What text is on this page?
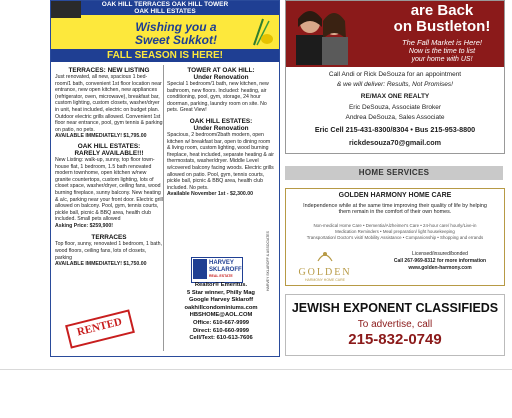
OAK HILL TERRACES OAK HILL TOWER
OAK HILL ESTATES
Wishing you a
Sweet Sukkot!
FALL SEASON IS HERE!
TERRACES: NEW LISTING
Just renovated, all new, spacious 1 bed-room/1 bath, convenient 1st floor location near entrance, new open kitchen, new appliances (refrigerator, oven, microwave), breakfast bar, custom lighting, custom closets, washer/dryer in unit, heat included, electric on budget plan. Outdoor electric grills allowed. Convenient 1st floor near entrance, pool, gym tennis & parking on patio, no pets.
AVAILABLE IMMEDIATELY! $1,795.00
OAK HILL ESTATES:
RARELY AVAILABLE!!!
New Listing: walk-up, sunny, top floor town-house flat, 1 bedroom, 1.5 bath renovated modern townhome, open kitchen w/new granite countertops, custom lighting, lots of closet space, washer/dryer, ceiling fans, wood burning fireplace, sunny balcony. New heating & a/c, parking near your front door. Electric grill allowed on balcony. Pool, gym, tennis courts, pickle ball, picnic & BBQ area, health club included. Small pets allowed
Asking Price: $259,900!
TERRACES
Top floor, sunny, renovated 1 bedroom, 1 bath, wood floors, ceiling fans, lots of closets, parking
AVAILABLE IMMEDIATELY! $1,750.00
TOWER AT OAK HILL:
Under Renovation
Special 1 bedroom/1 bath, new kitchen, new bathroom, new floors. Included: heating, air conditioning, pool, gym, storage, 24 hour doorman, parking, laundry room on site. No pets. Great View!
OAK HILL ESTATES:
Under Renovation
Spacious, 2 bedroom/2bath modern, open kitchen w/ breakfast bar, open to dining room & living room, custom lighting, wood burning fireplace, heat included, separate heating & air thermostats, washer/dryer. Middle Level w/covered balcony facing woods. Electric grills allowed on patio. Pool, gym, tennis courts, pickle ball, picnic & BBQ area, health club included. No pets.
Available November 1st - $2,300.00
HARVEY
SKLAROFF
REAL ESTATE
Realtor® Emeritus.
5 Star winner, Philly Mag
Google Harvey Sklaroff
oakhillcondominiums.com
HBSHOME@AOL.COM
Office: 610-667-9999
Direct: 610-660-9999
Cell/Text: 610-613-7606
HARVEY SKLAROFF & ASSOCIATES
RENTED
are Back
on Bustleton!
The Fall Market is Here!
Now is the time to list
your home with US!
Call Andi or Rick DeSouza for an appointment
& we will deliver: Results, Not Promises!
RE/MAX ONE REALTY
Eric DeSouza, Associate Broker
Andrea DeSouza, Sales Associate
Eric Cell 215-431-8300/8304 • Bus 215-953-8800
rickdesouza70@gmail.com
HOME SERVICES
GOLDEN HARMONY HOME CARE
Independence while at the same time improving their quality of life by helping
them remain in the comfort of their own homes.
Non-medical Home Care • Dementia/Alzheimer's Care • 24-hour care/ hourly/Live-in
Medication Reminders • Meal preparation/ light housekeeping
Transportation/ Doctor's visit/ Mobility Assistance • Companionship • Shopping and errands
GOLDEN
HARMONY HOME CARE
Licensed/insured/bonded
Call 267-969-8312 for more information
www.golden-harmony.com
JEWISH EXPONENT CLASSIFIEDS
To advertise, call
215-832-0749
